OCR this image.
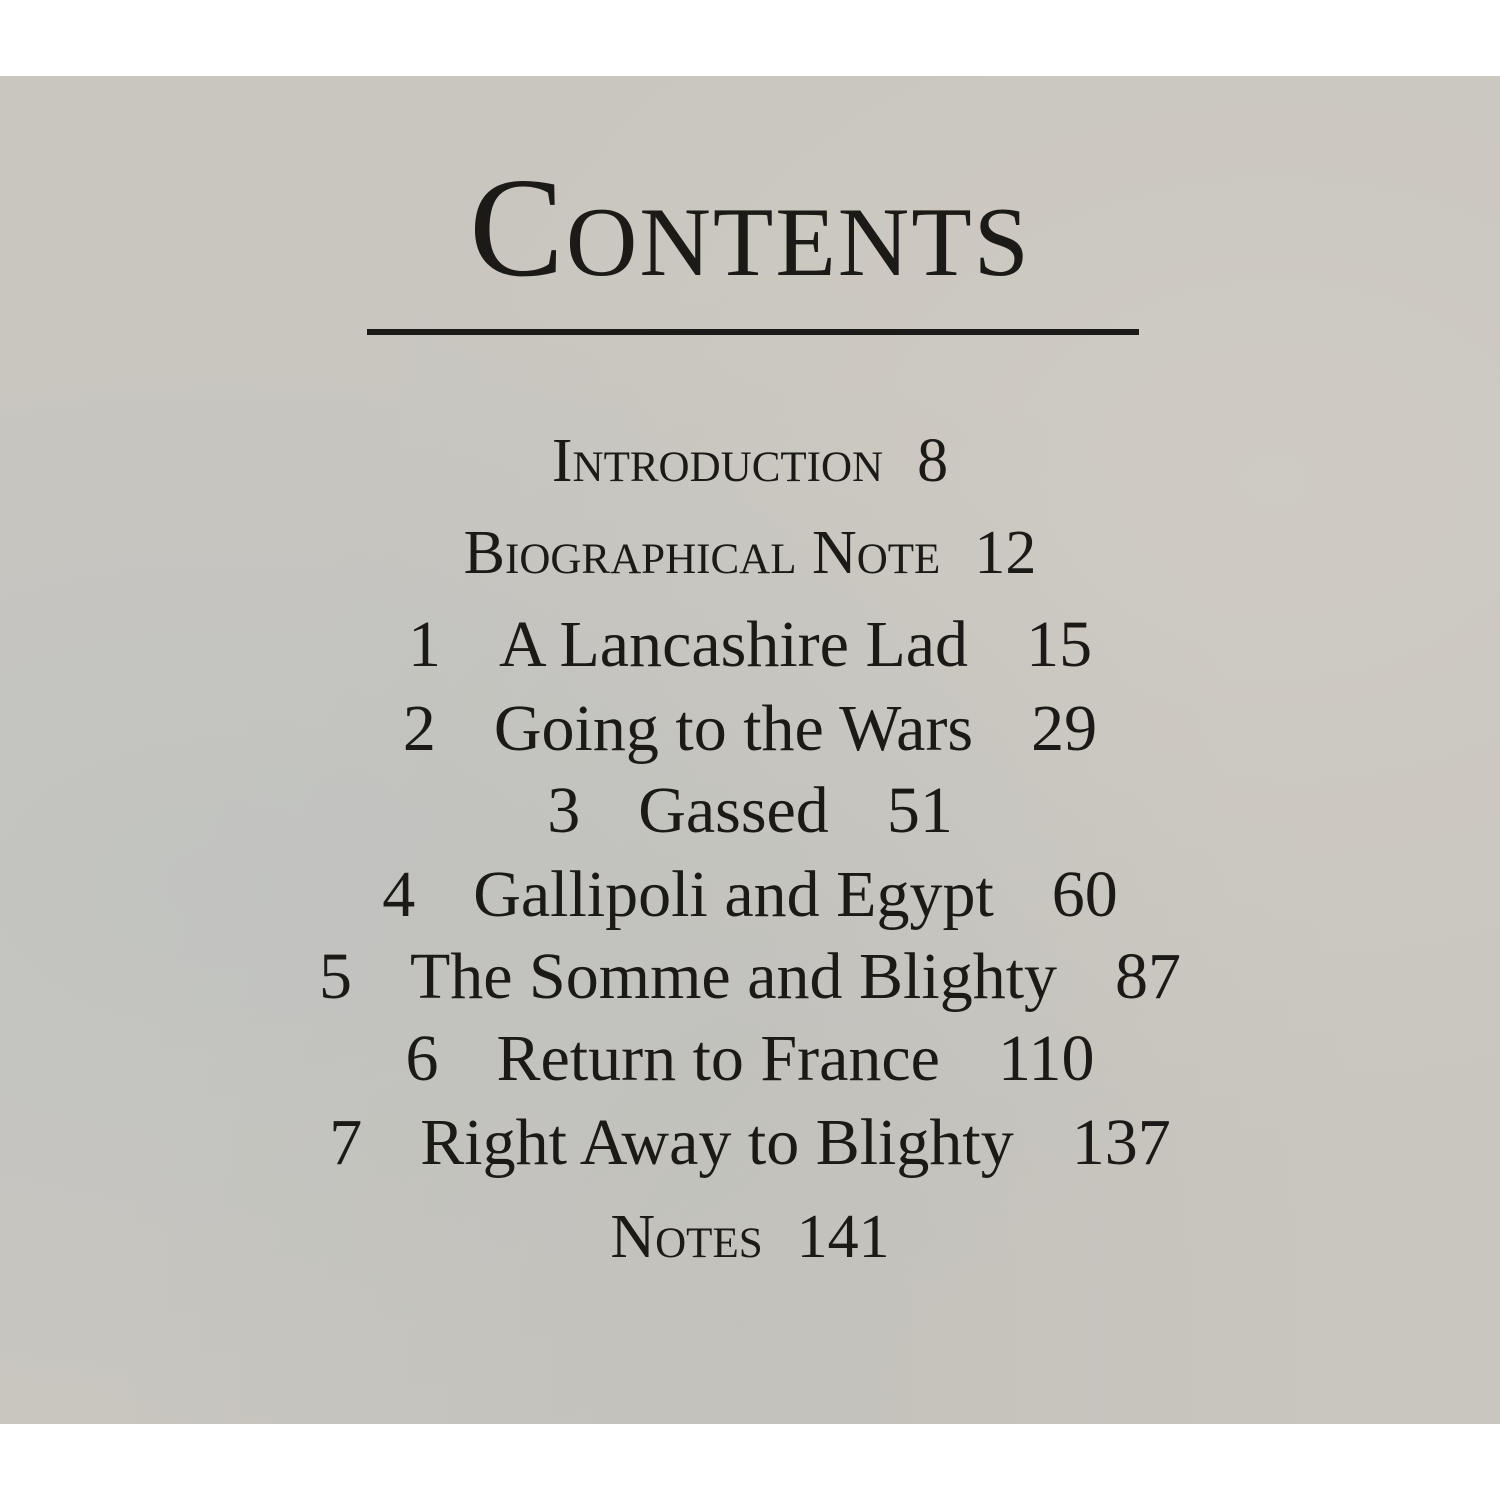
Contents
Introduction 8
Biographical Note 12
1 A Lancashire Lad 15
2 Going to the Wars 29
3 Gassed 51
4 Gallipoli and Egypt 60
5 The Somme and Blighty 87
6 Return to France 110
7 Right Away to Blighty 137
Notes 141
